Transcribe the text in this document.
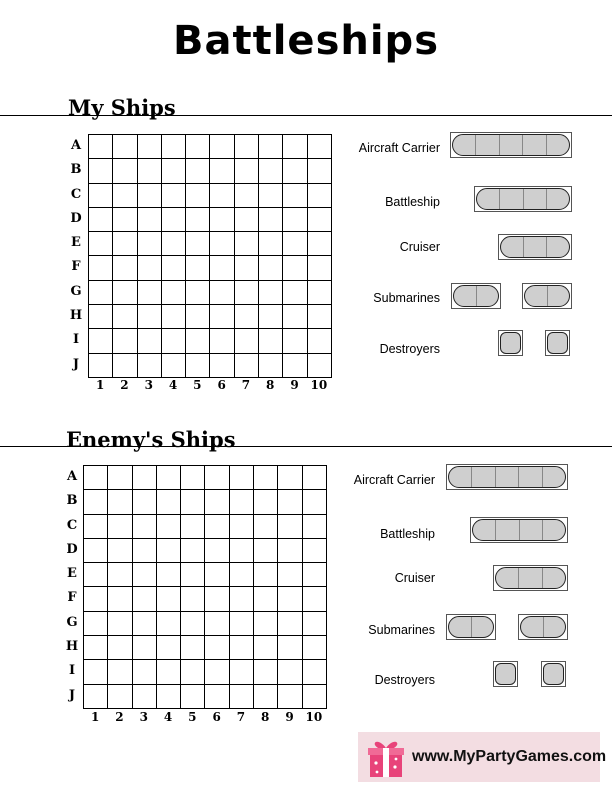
Battleships
My Ships
A
B
C
D
E
F
G
H
I
J
1	2	3	4	5	6	7	8	9 10
Aircraft Carrier
Battleship
Cruiser
Submarines
Destroyers
Enemy's Ships
A
B
C
D
E
F
G
H
I
J
1	2	3	4	5	6	7	8	9 10
Aircraft Carrier
Battleship
Cruiser
Submarines
Destroyers
www.MyPartyGames.com
